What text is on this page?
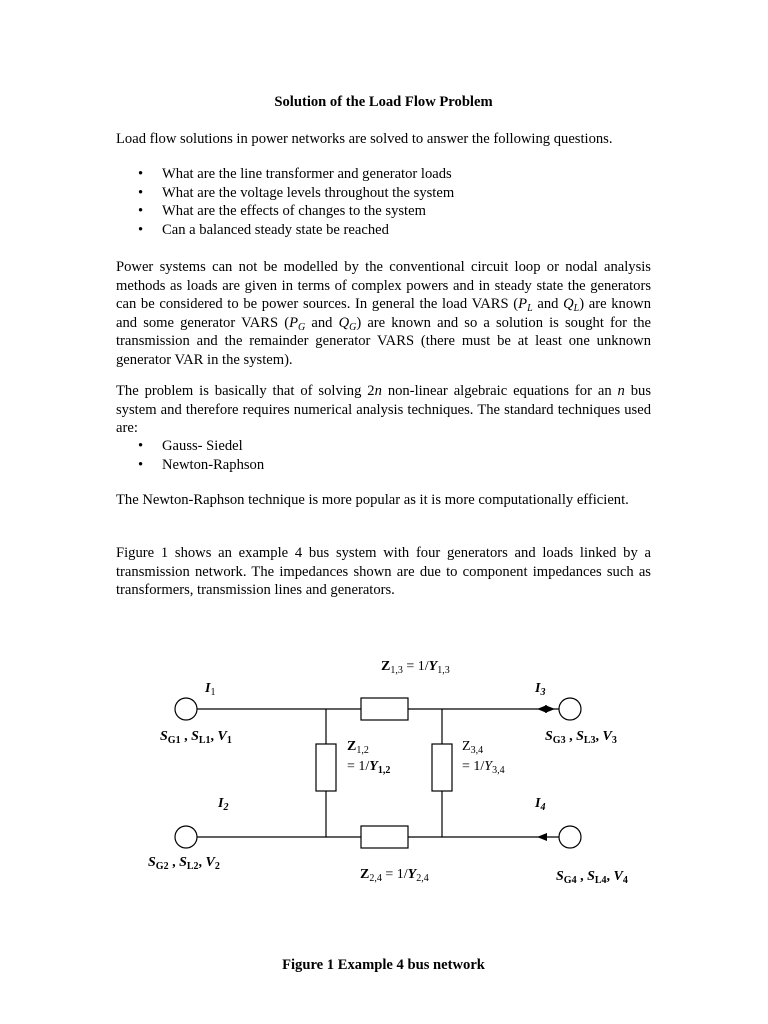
Solution of the Load Flow Problem

Load flow solutions in power networks are solved to answer the following questions.

• What are the line transformer and generator loads
• What are the voltage levels throughout the system
• What are the effects of changes to the system
• Can a balanced steady state be reached

Power systems can not be modelled by the conventional circuit loop or nodal analysis methods as loads are given in terms of complex powers and in steady state the generators can be considered to be power sources. In general the load VARS ($P_L$ and $Q_L$) are known and some generator VARS ($P_G$ and $Q_G$) are known and so a solution is sought for the transmission and the remainder generator VARS (there must be at least one unknown generator VAR in the system).

The problem is basically that of solving 2n non-linear algebraic equations for an n bus system and therefore requires numerical analysis techniques. The standard techniques used are:

• Gauss- Siedel
• Newton-Raphson

The Newton-Raphson technique is more popular as it is more computationally efficient.

Figure 1 shows an example 4 bus system with four generators and loads linked by a transmission network. The impedances shown are due to component impedances such as transformers, transmission lines and generators.

$Z_{1,3} = 1/Y_{1,3}$
$Z_{1,2}$
= $1/Y_{1,2}$
$Z_{3,4}$
= $1/Y_{3,4}$
$Z_{2,4} = 1/Y_{2,4}$
$I_1$
$I_2$
$I_3$
$I_4$
$S_{G1}$ , $S_{L1}$, $V_1$
$S_{G2}$ , $S_{L2}$, $V_2$
$S_{G3}$ , $S_{L3}$, $V_3$
$S_{G4}$ , $S_{L4}$, $V_4$
Figure 1 Example 4 bus network
